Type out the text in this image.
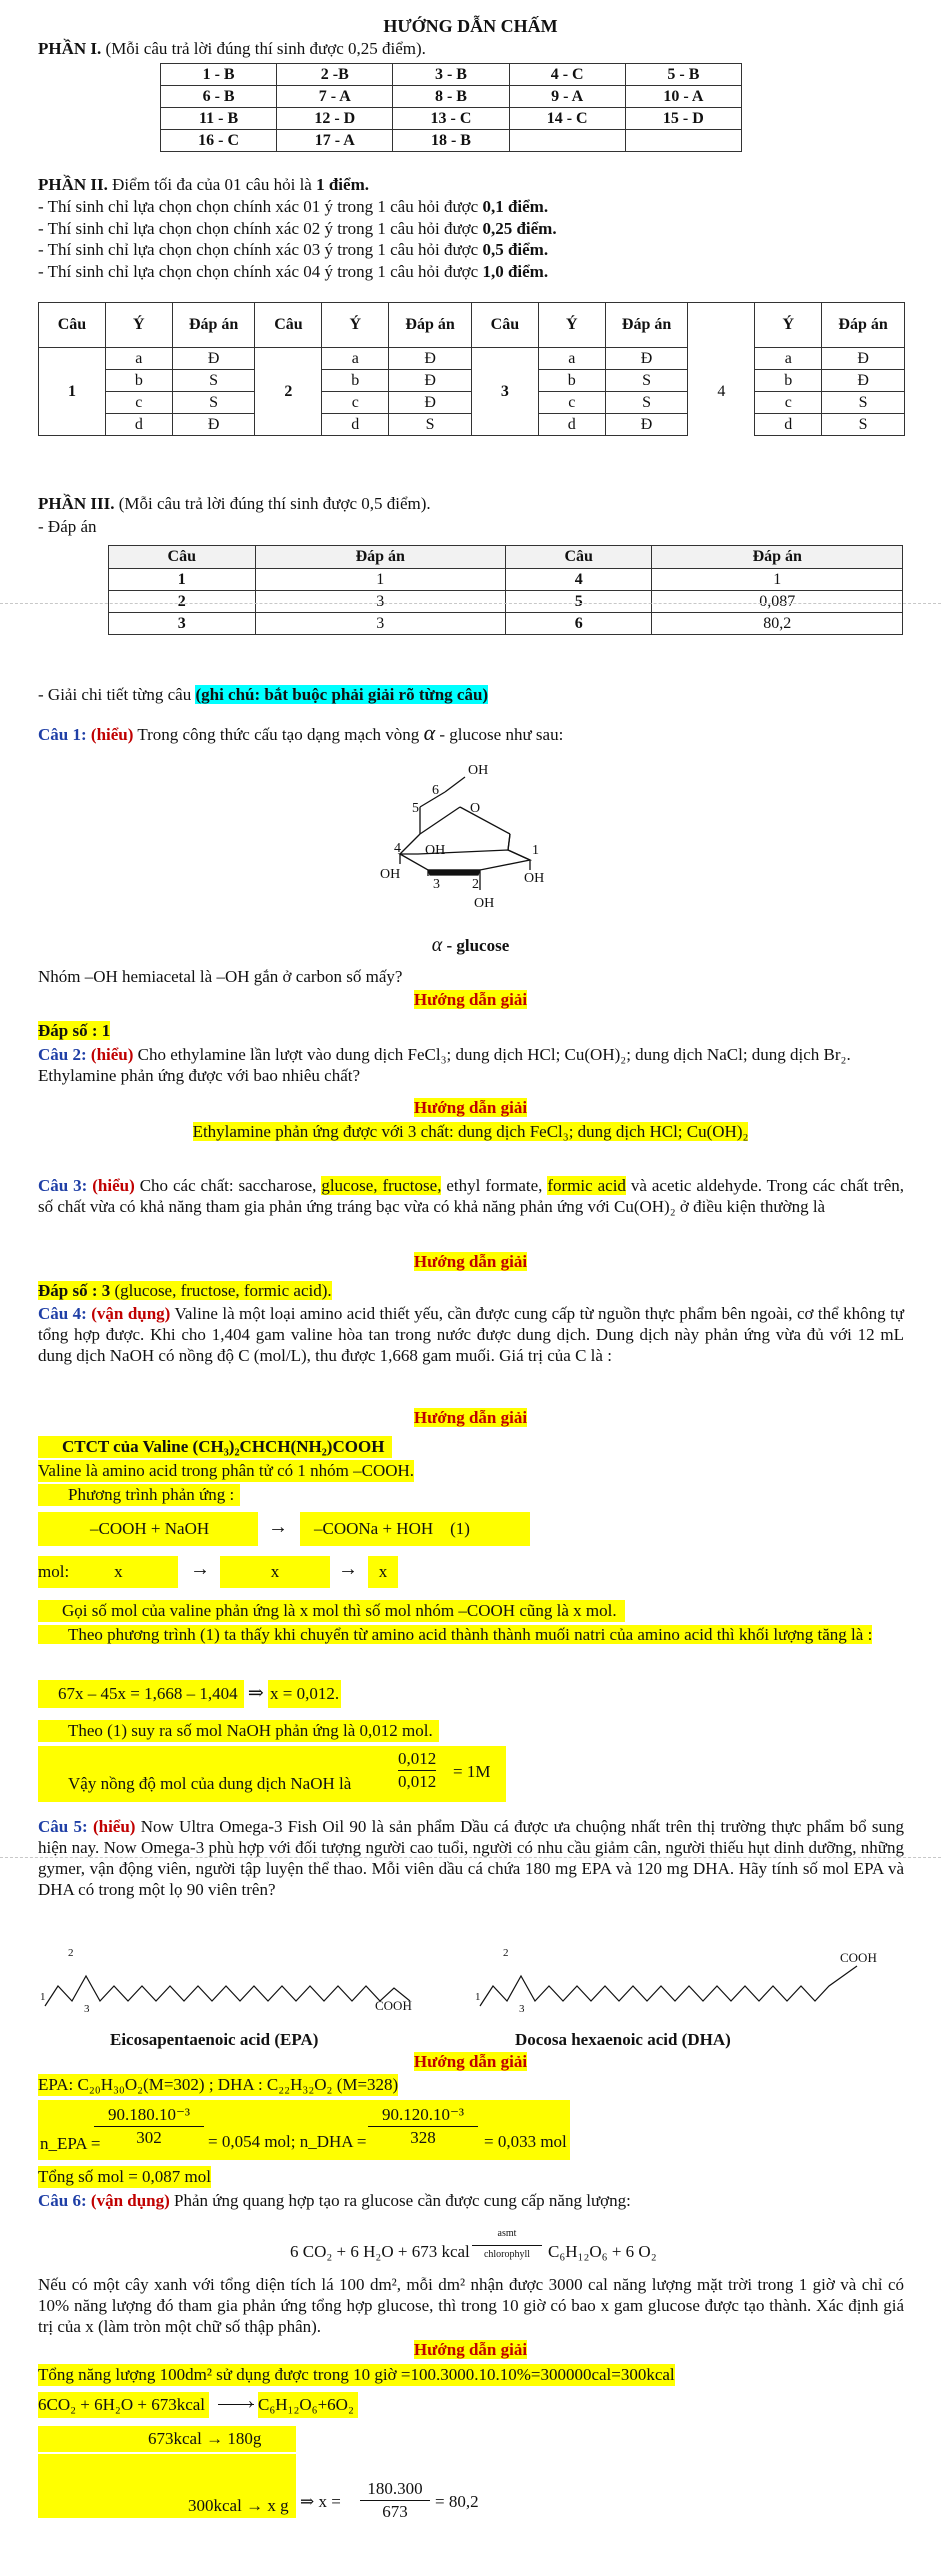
HƯỚNG DẪN CHẤM
PHẦN I. (Mỗi câu trả lời đúng thí sinh được 0,25 điểm).
1 - B	2 -B	3 - B	4 - C	5 - B
6 - B	7 - A	8 - B	9 - A	10 - A
11 - B	12 - D	13 - C	14 - C	15 - D
16 - C	17 - A	18 - B		
PHẦN II. Điểm tối đa của 01 câu hỏi là 1 điểm.
- Thí sinh chỉ lựa chọn chọn chính xác 01 ý trong 1 câu hỏi được 0,1 điểm.
- Thí sinh chỉ lựa chọn chọn chính xác 02 ý trong 1 câu hỏi được 0,25 điểm.
- Thí sinh chỉ lựa chọn chọn chính xác 03 ý trong 1 câu hỏi được 0,5 điểm.
- Thí sinh chỉ lựa chọn chọn chính xác 04 ý trong 1 câu hỏi được 1,0 điểm.
Câu	Ý	Đáp án	Câu	Ý	Đáp án	Câu	Ý	Đáp án		Ý	Đáp án
1	a	Đ	2	a	Đ	3	a	Đ	4	a	Đ
	b	S		b	Đ		b	S		b	Đ
	c	S		c	Đ		c	S		c	S
	d	Đ		d	S		d	Đ		d	S
PHẦN III. (Mỗi câu trả lời đúng thí sinh được 0,5 điểm).
- Đáp án
Câu	Đáp án	Câu	Đáp án
1	1	4	1
2	3	5	0,087
3	3	6	80,2
- Giải chi tiết từng câu (ghi chú: bắt buộc phải giải rõ từng câu)
Câu 1: (hiểu) Trong công thức cấu tạo dạng mạch vòng α - glucose như sau:
OH
6
5	O
4 OH	1
OH
3 2	OH
OH
α - glucose
Nhóm –OH hemiacetal là –OH gắn ở carbon số mấy?
Hướng dẫn giải
Đáp số : 1
Câu 2: (hiểu) Cho ethylamine lần lượt vào dung dịch FeCl₃; dung dịch HCl; Cu(OH)₂; dung dịch NaCl; dung dịch Br₂. Ethylamine phản ứng được với bao nhiêu chất?
Hướng dẫn giải
Ethylamine phản ứng được với 3 chất: dung dịch FeCl₃; dung dịch HCl; Cu(OH)₂
Câu 3: (hiểu) Cho các chất: saccharose, glucose, fructose, ethyl formate, formic acid và acetic aldehyde. Trong các chất trên, số chất vừa có khả năng tham gia phản ứng tráng bạc vừa có khả năng phản ứng với Cu(OH)₂ ở điều kiện thường là
Hướng dẫn giải
Đáp số : 3 (glucose, fructose, formic acid).
Câu 4: (vận dụng) Valine là một loại amino acid thiết yếu, cần được cung cấp từ nguồn thực phẩm bên ngoài, cơ thể không tự tổng hợp được. Khi cho 1,404 gam valine hòa tan trong nước được dung dịch. Dung dịch này phản ứng vừa đủ với 12 mL dung dịch NaOH có nồng độ C (mol/L), thu được 1,668 gam muối. Giá trị của C là :
Hướng dẫn giải
CTCT của Valine (CH₃)₂CHCH(NH₂)COOH
Valine là amino acid trong phân tử có 1 nhóm –COOH.
Phương trình phản ứng :
–COOH + NaOH	→	–COONa + HOH (1)
mol:	x	→	x	→	x
Gọi số mol của valine phản ứng là x mol thì số mol nhóm –COOH cũng là x mol.
Theo phương trình (1) ta thấy khi chuyển từ amino acid thành thành muối natri của amino acid thì khối lượng tăng là :
67x – 45x = 1,668 – 1,404 ⇒ x = 0,012.
Theo (1) suy ra số mol NaOH phản ứng là 0,012 mol.
Vậy nồng độ mol của dung dịch NaOH là	$\frac{0,012}{0,012} = 1M$
Câu 5: (hiểu) Now Ultra Omega-3 Fish Oil 90 là sản phẩm Dầu cá được ưa chuộng nhất trên thị trường thực phẩm bổ sung hiện nay. Now Omega-3 phù hợp với đối tượng người cao tuổi, người có nhu cầu giảm cân, người thiếu hụt dinh dưỡng, những gymer, vận động viên, người tập luyện thể thao. Mỗi viên dầu cá chứa 180 mg EPA và 120 mg DHA. Hãy tính số mol EPA và DHA có trong một lọ 90 viên trên?
1
2
3
1
2
3
COOH
COOH
Eicosapentaenoic acid (EPA)	Docosa hexaenoic acid (DHA)
Hướng dẫn giải
EPA: C₂₀H₃₀O₂(M=302) ; DHA : C₂₂H₃₂O₂ (M=328)
n_EPA =
$\frac{\text{90.180.10⁻³}}{302} = 0,054$ mol; n_DHA = $\frac{\text{90.120.10⁻³}}{328} = 0,033$ mol
Tổng số mol = 0,087 mol
Câu 6: (vận dụng) Phản ứng quang hợp tạo ra glucose cần được cung cấp năng lượng:
6 CO₂ + 6 H₂O + 673 kcal
asmt
chlorophyll	C₆H₁₂O₆ + 6 O₂
Nếu có một cây xanh với tổng diện tích lá 100 dm², mỗi dm² nhận được 3000 cal năng lượng mặt trời trong 1 giờ và chỉ có 10% năng lượng đó tham gia phản ứng tổng hợp glucose, thì trong 10 giờ có bao x gam glucose được tạo thành. Xác định giá trị của x (làm tròn một chữ số thập phân).
Hướng dẫn giải
Tổng năng lượng 100dm² sử dụng được trong 10 giờ =100.3000.10.10%=300000cal=300kcal
6CO₂ + 6H₂O + 673kcal	› C₆H₁₂O₆+6O₂
673kcal → 180g
300kcal → x g ⇒ $x = \frac{180.300}{673} = 80,2$
